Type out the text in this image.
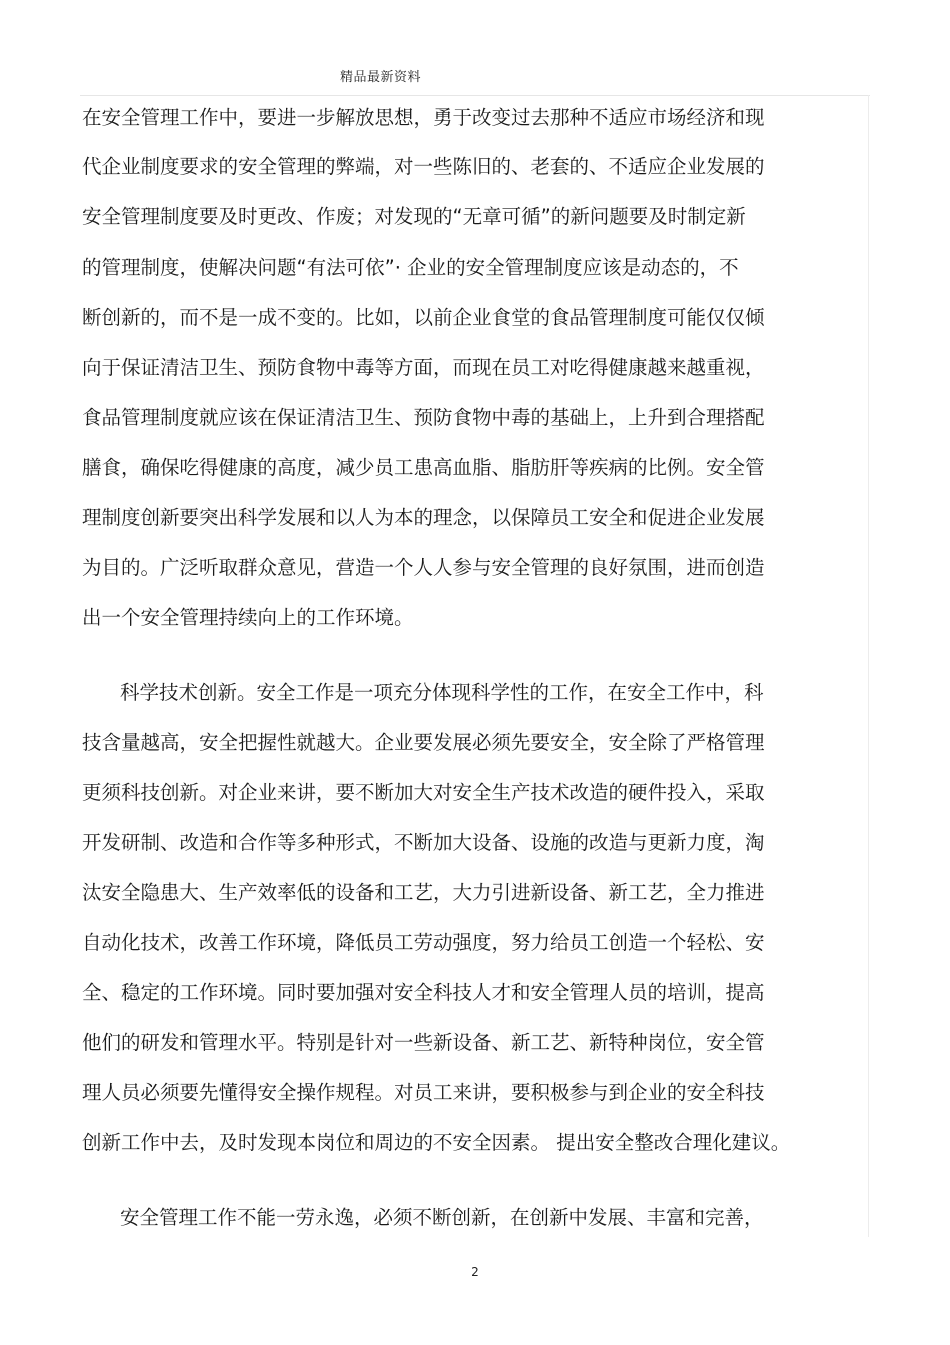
精品最新资料
在安全管理工作中，要进一步解放思想，勇于改变过去那种不适应市场经济和现
代企业制度要求的安全管理的弊端，对一些陈旧的、老套的、不适应企业发展的
安全管理制度要及时更改、作废；对发现的“无章可循”的新问题要及时制定新
的管理制度，使解决问题“有法可依”· 企业的安全管理制度应该是动态的，不
断创新的，而不是一成不变的。比如，以前企业食堂的食品管理制度可能仅仅倾
向于保证清洁卫生、预防食物中毒等方面，而现在员工对吃得健康越来越重视，
食品管理制度就应该在保证清洁卫生、预防食物中毒的基础上，上升到合理搭配
膳食，确保吃得健康的高度，减少员工患高血脂、脂肪肝等疾病的比例。安全管
理制度创新要突出科学发展和以人为本的理念，以保障员工安全和促进企业发展
为目的。广泛听取群众意见，营造一个人人参与安全管理的良好氛围，进而创造
出一个安全管理持续向上的工作环境。
科学技术创新。安全工作是一项充分体现科学性的工作，在安全工作中，科
技含量越高，安全把握性就越大。企业要发展必须先要安全，安全除了严格管理
更须科技创新。对企业来讲，要不断加大对安全生产技术改造的硬件投入，采取
开发研制、改造和合作等多种形式，不断加大设备、设施的改造与更新力度，淘
汰安全隐患大、生产效率低的设备和工艺，大力引进新设备、新工艺，全力推进
自动化技术，改善工作环境，降低员工劳动强度，努力给员工创造一个轻松、安
全、稳定的工作环境。同时要加强对安全科技人才和安全管理人员的培训，提高
他们的研发和管理水平。特别是针对一些新设备、新工艺、新特种岗位，安全管
理人员必须要先懂得安全操作规程。对员工来讲，要积极参与到企业的安全科技
创新工作中去，及时发现本岗位和周边的不安全因素。 提出安全整改合理化建议。
安全管理工作不能一劳永逸，必须不断创新，在创新中发展、丰富和完善，
2
